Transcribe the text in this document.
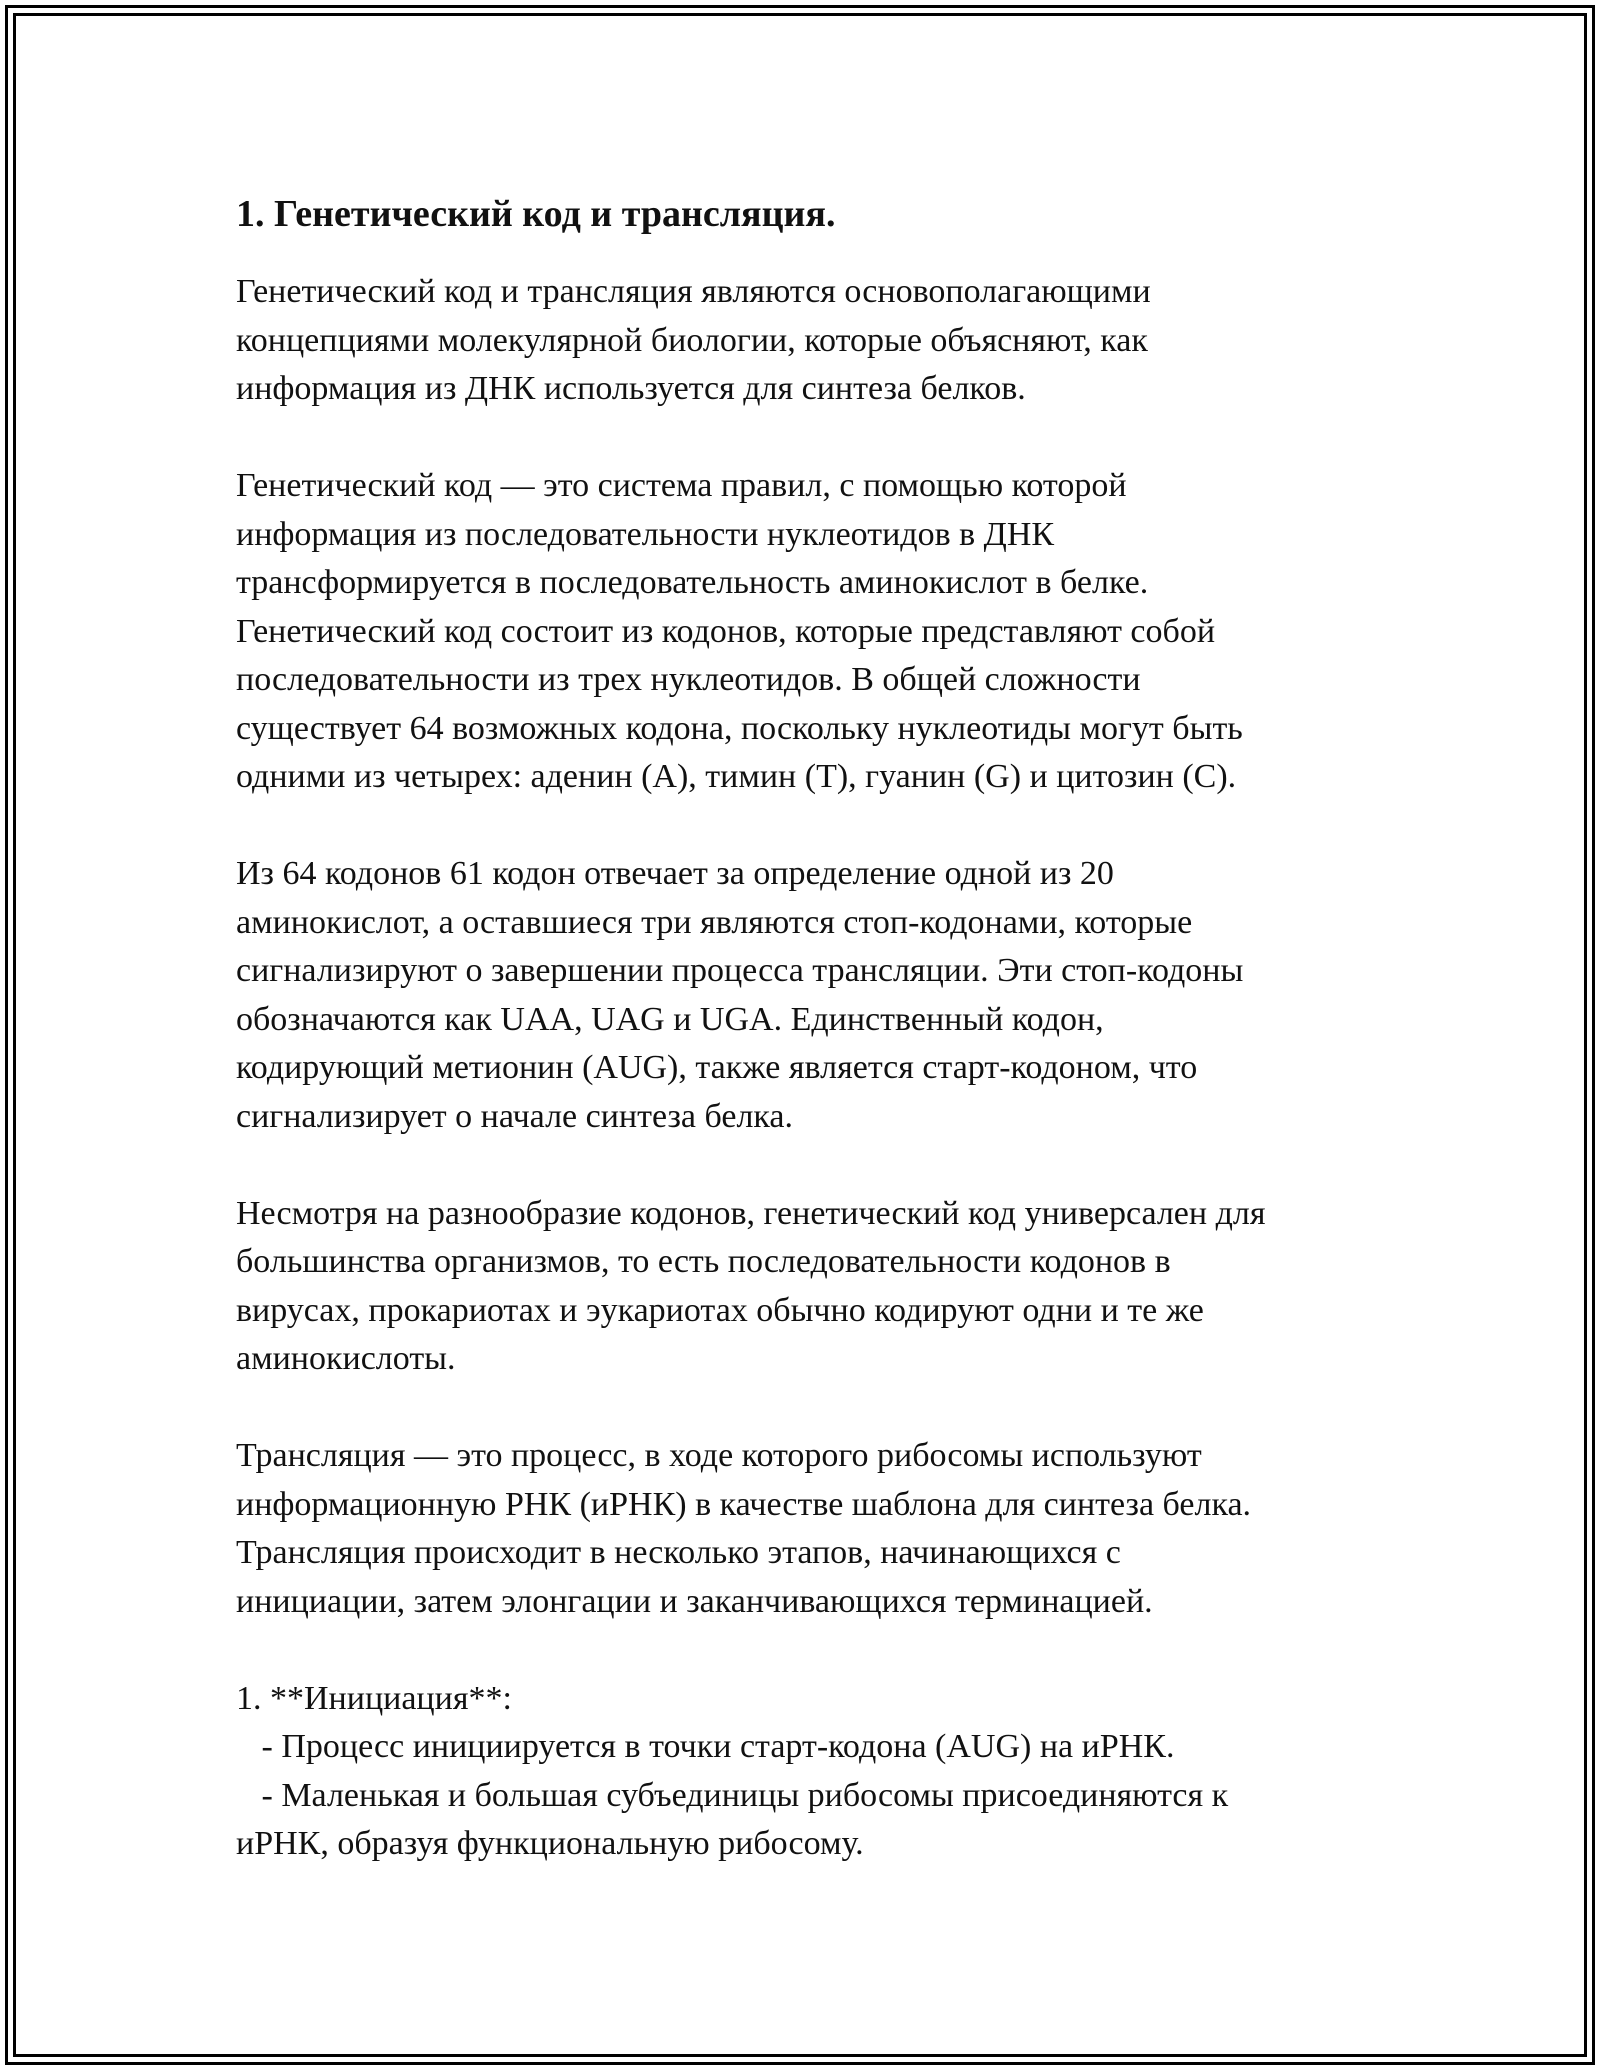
1. Генетический код и трансляция.
Генетический код и трансляция являются основополагающими
концепциями молекулярной биологии, которые объясняют, как
информация из ДНК используется для синтеза белков.
Генетический код — это система правил, с помощью которой
информация из последовательности нуклеотидов в ДНК
трансформируется в последовательность аминокислот в белке.
Генетический код состоит из кодонов, которые представляют собой
последовательности из трех нуклеотидов. В общей сложности
существует 64 возможных кодона, поскольку нуклеотиды могут быть
одними из четырех: аденин (A), тимин (T), гуанин (G) и цитозин (C).
Из 64 кодонов 61 кодон отвечает за определение одной из 20
аминокислот, а оставшиеся три являются стоп-кодонами, которые
сигнализируют о завершении процесса трансляции. Эти стоп-кодоны
обозначаются как UAA, UAG и UGA. Единственный кодон,
кодирующий метионин (AUG), также является старт-кодоном, что
сигнализирует о начале синтеза белка.
Несмотря на разнообразие кодонов, генетический код универсален для
большинства организмов, то есть последовательности кодонов в
вирусах, прокариотах и эукариотах обычно кодируют одни и те же
аминокислоты.
Трансляция — это процесс, в ходе которого рибосомы используют
информационную РНК (иРНК) в качестве шаблона для синтеза белка.
Трансляция происходит в несколько этапов, начинающихся с
инициации, затем элонгации и заканчивающихся терминацией.
1. **Инициация**:
- Процесс инициируется в точки старт-кодона (AUG) на иРНК.
- Маленькая и большая субъединицы рибосомы присоединяются к
иРНК, образуя функциональную рибосому.
